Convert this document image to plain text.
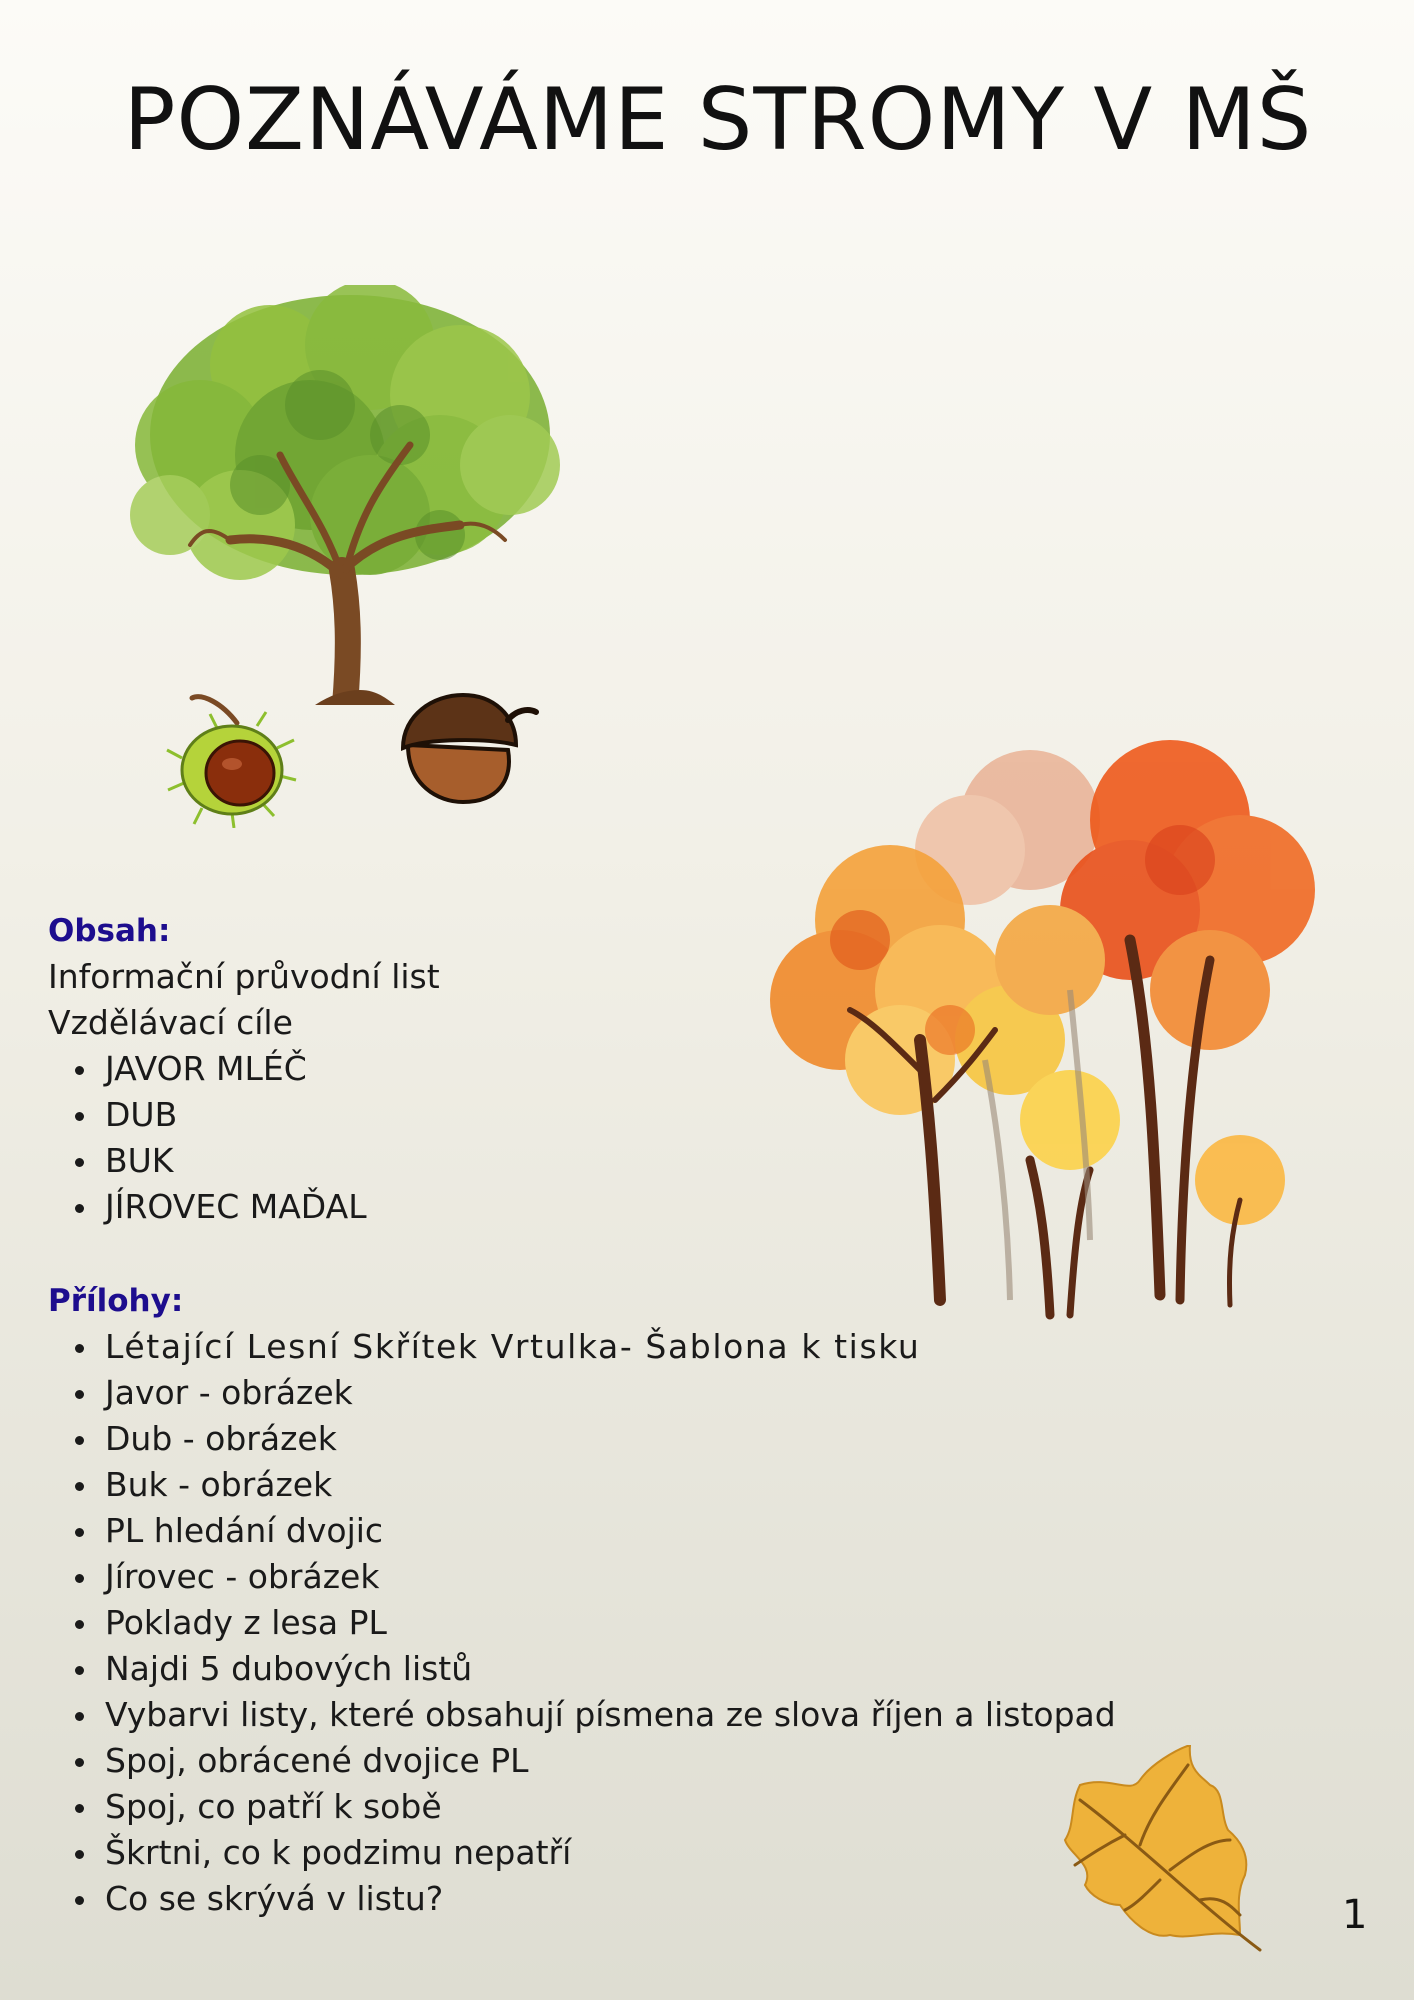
POZNÁVÁME STROMY V MŠ
Obsah:
Informační průvodní list
Vzdělávací cíle
JAVOR MLÉČ
DUB
BUK
JÍROVEC MAĎAL
Přílohy:
Létající Lesní Skřítek Vrtulka- Šablona k tisku
Javor - obrázek
Dub - obrázek
Buk - obrázek
PL hledání dvojic
Jírovec - obrázek
Poklady z lesa PL
Najdi 5 dubových listů
Vybarvi listy, které obsahují písmena ze slova říjen a listopad
Spoj, obrácené dvojice PL
Spoj, co patří k sobě
Škrtni, co k podzimu nepatří
Co se skrývá v listu?	1
